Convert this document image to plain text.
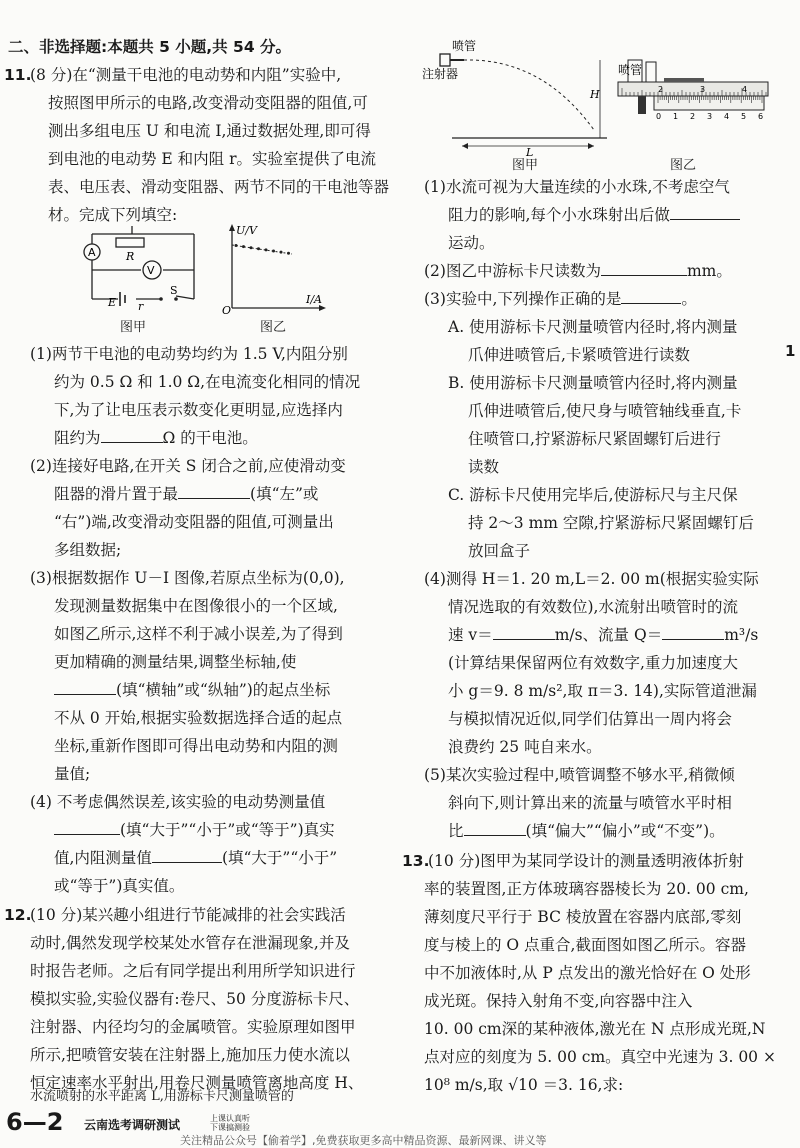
二、非选择题:本题共 5 小题,共 54 分。
11.
(8 分)在“测量干电池的电动势和内阻”实验中,
按照图甲所示的电路,改变滑动变阻器的阻值,可
测出多组电压 U 和电流 I,通过数据处理,即可得
到电池的电动势 E 和内阻 r。实验室提供了电流
表、电压表、滑动变阻器、两节不同的干电池等器
材。完成下列填空:
A
V
R
E r
S
图甲
U/V
I/A
O
图乙
(1)两节干电池的电动势均约为 1.5 V,内阻分别
约为 0.5 Ω 和 1.0 Ω,在电流变化相同的情况
下,为了让电压表示数变化更明显,应选择内
阻约为	Ω 的干电池。
(2)连接好电路,在开关 S 闭合之前,应使滑动变
阻器的滑片置于最	(填“左”或
“右”)端,改变滑动变阻器的阻值,可测量出
多组数据;
(3)根据数据作 U－I 图像,若原点坐标为(0,0),
发现测量数据集中在图像很小的一个区域,
如图乙所示,这样不利于减小误差,为了得到
更加精确的测量结果,调整坐标轴,使
(填“横轴”或“纵轴”)的起点坐标
不从 0 开始,根据实验数据选择合适的起点
坐标,重新作图即可得出电动势和内阻的测
量值;
(4) 不考虑偶然误差,该实验的电动势测量值
(填“大于”“小于”或“等于”)真实
值,内阻测量值	(填“大于”“小于”
或“等于”)真实值。
12.
(10 分)某兴趣小组进行节能减排的社会实践活
动时,偶然发现学校某处水管存在泄漏现象,并及
时报告老师。之后有同学提出利用所学知识进行
模拟实验,实验仪器有:卷尺、50 分度游标卡尺、
注射器、内径均匀的金属喷管。实验原理如图甲
所示,把喷管安装在注射器上,施加压力使水流以
恒定速率水平射出,用卷尺测量喷管离地高度 H、
喷管
注射器
H
L
图甲
2	3	4
0 1 2 3 4 5 6
喷管
图乙
(1)水流可视为大量连续的小水珠,不考虑空气
阻力的影响,每个小水珠射出后做
运动。
(2)图乙中游标卡尺读数为	mm。
(3)实验中,下列操作正确的是	。
A. 使用游标卡尺测量喷管内径时,将内测量
爪伸进喷管后,卡紧喷管进行读数
B. 使用游标卡尺测量喷管内径时,将内测量
爪伸进喷管后,使尺身与喷管轴线垂直,卡
住喷管口,拧紧游标尺紧固螺钉后进行
读数
C. 游标卡尺使用完毕后,使游标尺与主尺保
持 2～3 mm 空隙,拧紧游标尺紧固螺钉后
放回盒子
(4)测得 H＝1. 20 m,L＝2. 00 m(根据实验实际
情况选取的有效数位),水流射出喷管时的流
速 v＝	m/s、流量 Q＝	m³/s
(计算结果保留两位有效数字,重力加速度大
小 g＝9. 8 m/s²,取 π＝3. 14),实际管道泄漏
与模拟情况近似,同学们估算出一周内将会
浪费约 25 吨自来水。
(5)某次实验过程中,喷管调整不够水平,稍微倾
斜向下,则计算出来的流量与喷管水平时相
比	(填“偏大”“偏小”或“不变”)。
13.
(10 分)图甲为某同学设计的测量透明液体折射
率的装置图,正方体玻璃容器棱长为 20. 00 cm,
薄刻度尺平行于 BC 棱放置在容器内底部,零刻
度与棱上的 O 点重合,截面图如图乙所示。容器
中不加液体时,从 P 点发出的激光恰好在 O 处形
成光斑。保持入射角不变,向容器中注入
10. 00 cm深的某种液体,激光在 N 点形成光斑,N
点对应的刻度为 5. 00 cm。真空中光速为 3. 00 ×
10⁸ m/s,取 √10 ＝3. 16,求:
6—2 云南选考调研测试	上课认真听
下课搞测验
关注精品公众号【偷着学】,免费获取更多高中精品资源、最新网课、讲义等
1
水流喷射的水平距离 L,用游标卡尺测量喷管的
